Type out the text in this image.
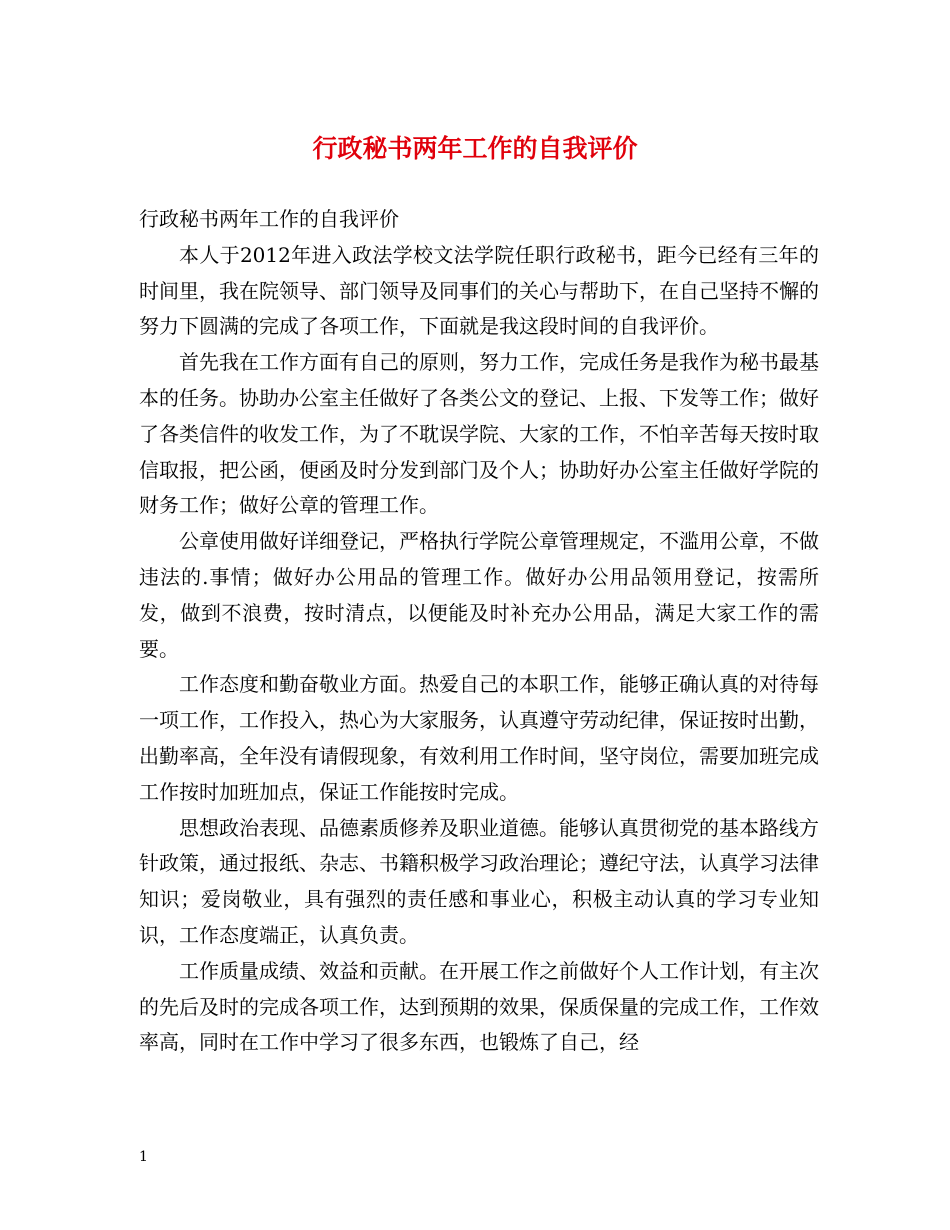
行政秘书两年工作的自我评价

行政秘书两年工作的自我评价

本人于2012年进入政法学校文法学院任职行政秘书，距今已经有三年的时间里，我在院领导、部门领导及同事们的关心与帮助下，在自己坚持不懈的努力下圆满的完成了各项工作，下面就是我这段时间的自我评价。

首先我在工作方面有自己的原则，努力工作，完成任务是我作为秘书最基本的任务。协助办公室主任做好了各类公文的登记、上报、下发等工作；做好了各类信件的收发工作，为了不耽误学院、大家的工作，不怕辛苦每天按时取信取报，把公函，便函及时分发到部门及个人；协助好办公室主任做好学院的财务工作；做好公章的管理工作。

公章使用做好详细登记，严格执行学院公章管理规定，不滥用公章，不做违法的.事情；做好办公用品的管理工作。做好办公用品领用登记，按需所发，做到不浪费，按时清点，以便能及时补充办公用品，满足大家工作的需要。

工作态度和勤奋敬业方面。热爱自己的本职工作，能够正确认真的对待每一项工作，工作投入，热心为大家服务，认真遵守劳动纪律，保证按时出勤，出勤率高，全年没有请假现象，有效利用工作时间，坚守岗位，需要加班完成工作按时加班加点，保证工作能按时完成。

思想政治表现、品德素质修养及职业道德。能够认真贯彻党的基本路线方针政策，通过报纸、杂志、书籍积极学习政治理论；遵纪守法，认真学习法律知识；爱岗敬业，具有强烈的责任感和事业心，积极主动认真的学习专业知识，工作态度端正，认真负责。

工作质量成绩、效益和贡献。在开展工作之前做好个人工作计划，有主次的先后及时的完成各项工作，达到预期的效果，保质保量的完成工作，工作效率高，同时在工作中学习了很多东西，也锻炼了自己，经

1
